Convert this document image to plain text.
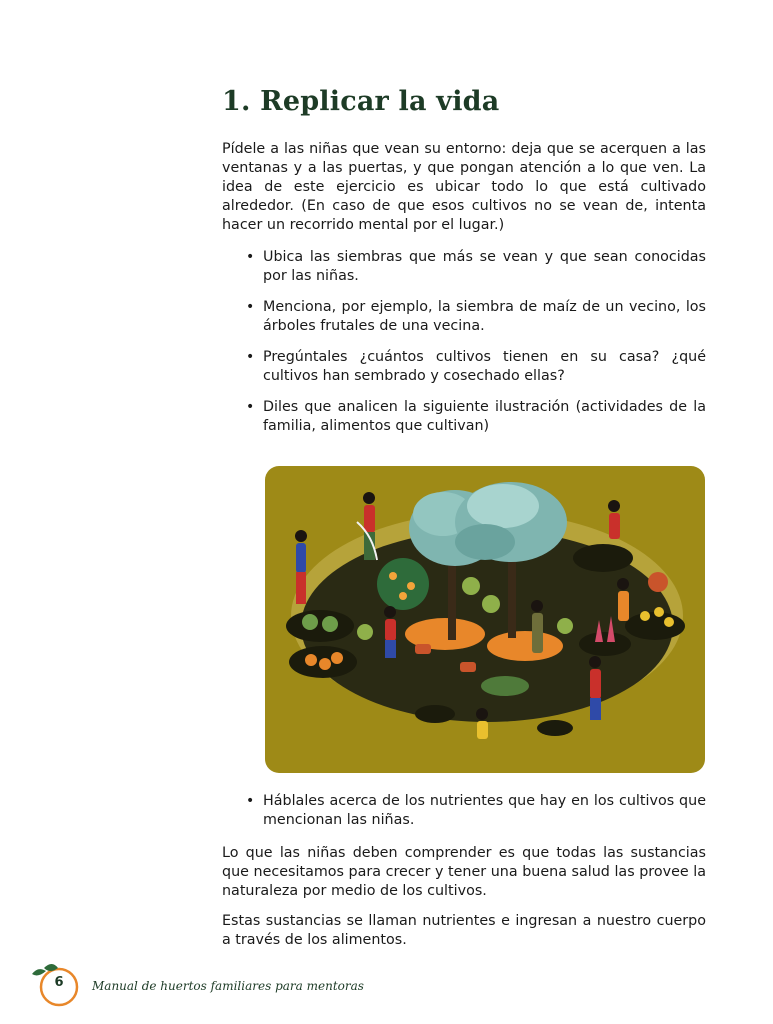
1. Replicar la vida

Pídele a las niñas que vean su entorno: deja que se acerquen a las ventanas y a las puertas, y que pongan atención a lo que ven. La idea de este ejercicio es ubicar todo lo que está cultivado alrededor. (En caso de que esos cultivos no se vean de, intenta hacer un recorrido mental por el lugar.)

• Ubica las siembras que más se vean y que sean conocidas por las niñas.
• Menciona, por ejemplo, la siembra de maíz de un vecino, los árboles frutales de una vecina.
• Pregúntales ¿cuántos cultivos tienen en su casa? ¿qué cultivos han sembrado y cosechado ellas?
• Diles que analicen la siguiente ilustración (actividades de la familia, alimentos que cultivan)
• Háblales acerca de los nutrientes que hay en los cultivos que mencionan las niñas.

Lo que las niñas deben comprender es que todas las sustancias que necesitamos para crecer y tener una buena salud las provee la naturaleza por medio de los cultivos.

Estas sustancias se llaman nutrientes e ingresan a nuestro cuerpo a través de los alimentos.

6	Manual de huertos familiares para mentoras
